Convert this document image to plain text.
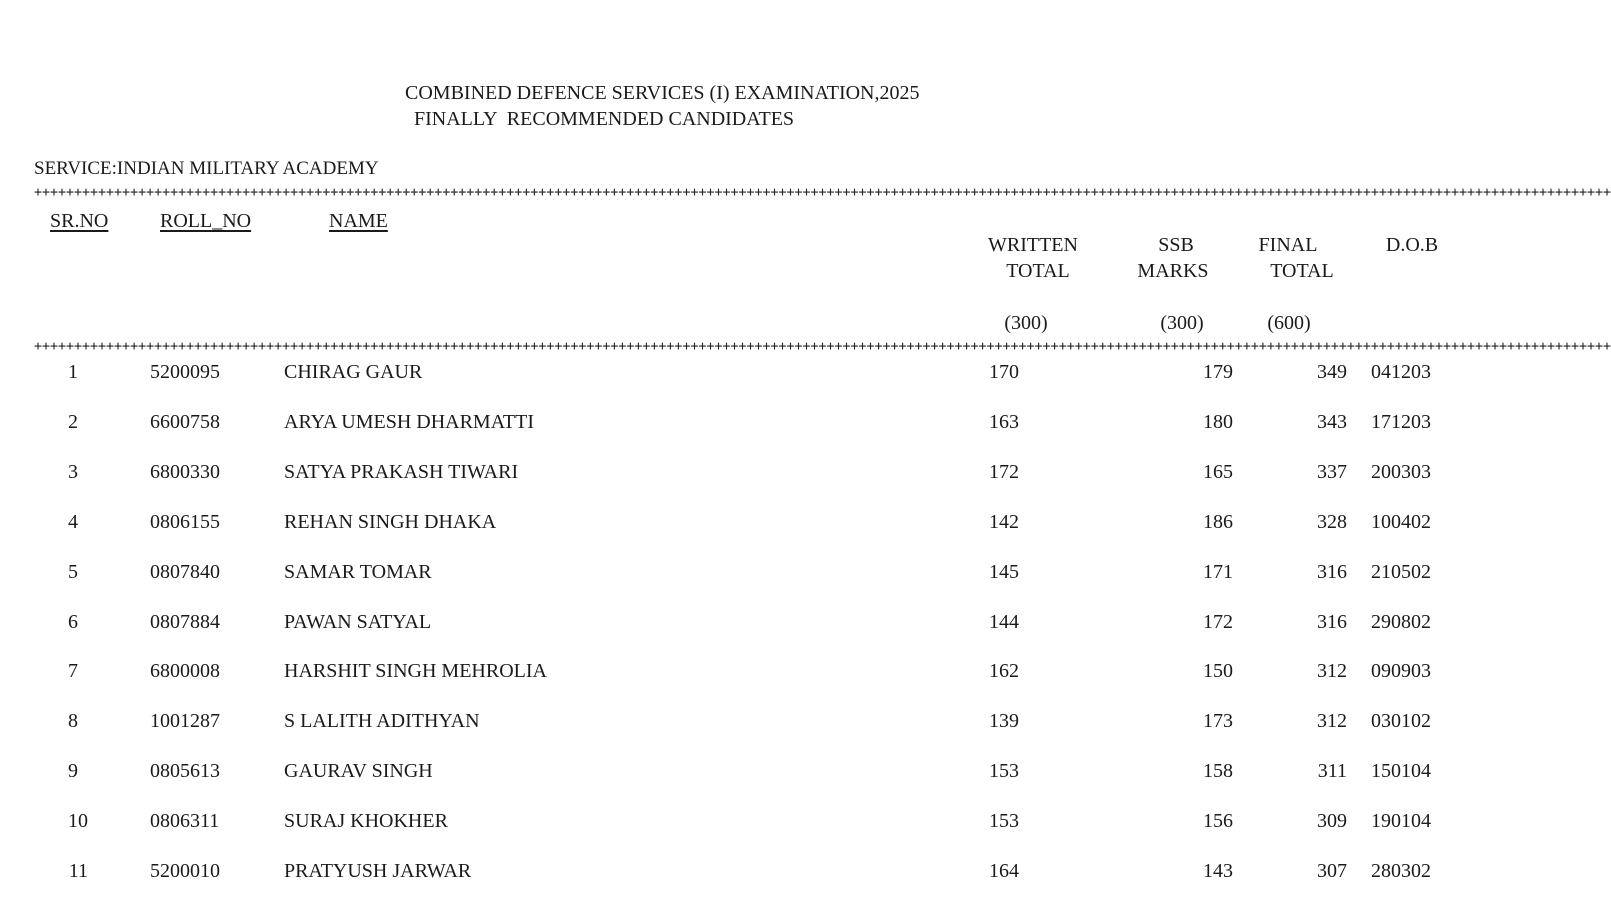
COMBINED DEFENCE SERVICES (I) EXAMINATION,2025
FINALLY  RECOMMENDED CANDIDATES
SERVICE:INDIAN MILITARY ACADEMY
+++++++++++++++++++++++++++++++++++++++++++++++++++++++++++++++++++++++++++++++++++++++++++++++++++++++++++++++++++++++++++++++++++++++++++++++++++++++++++++++++++++++++++++++++++++++++++++++++++++
SR.NO	ROLL_NO	NAME
WRITTEN
TOTAL
(300)
SSB
MARKS
(300)
FINAL
TOTAL
(600)
D.O.B
+++++++++++++++++++++++++++++++++++++++++++++++++++++++++++++++++++++++++++++++++++++++++++++++++++++++++++++++++++++++++++++++++++++++++++++++++++++++++++++++++++++++++++++++++++++++++++++++++++++
1	5200095	CHIRAG GAUR	170	179	349 041203
2	6600758	ARYA UMESH DHARMATTI	163	180	343 171203
3	6800330	SATYA PRAKASH TIWARI	172	165	337 200303
4	0806155	REHAN SINGH DHAKA	142	186	328 100402
5	0807840	SAMAR TOMAR	145	171	316 210502
6	0807884	PAWAN SATYAL	144	172	316 290802
7	6800008	HARSHIT SINGH MEHROLIA	162	150	312 090903
8	1001287	S LALITH ADITHYAN	139	173	312 030102
9	0805613	GAURAV SINGH	153	158	311 150104
10	0806311	SURAJ KHOKHER	153	156	309 190104
11	5200010	PRATYUSH JARWAR	164	143	307 280302
